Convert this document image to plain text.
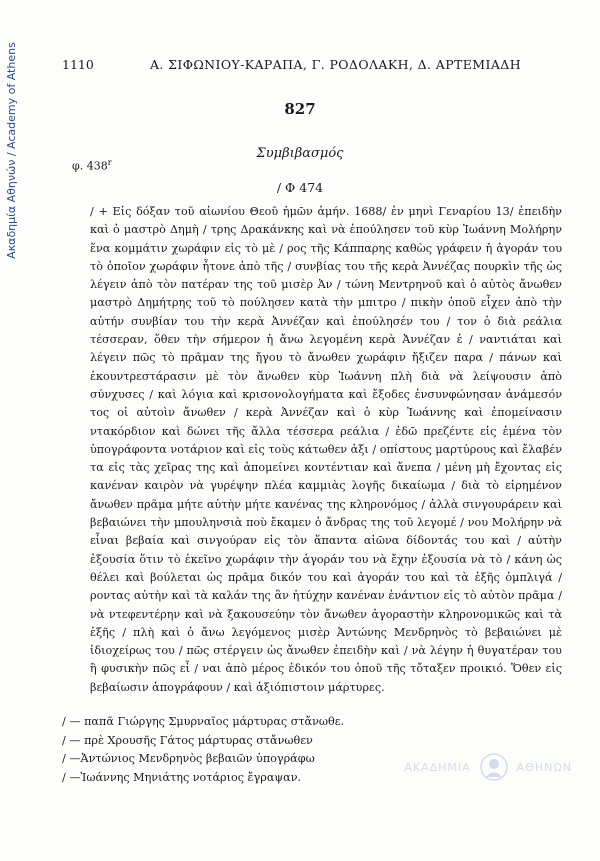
Ακαδημία Αθηνών / Academy of Athens	1110	Α. ΣΙΦΩΝΙΟΥ-ΚΑΡΑΠΑ, Γ. ΡΟΔΟΛΑΚΗ, Δ. ΑΡΤΕΜΙΑΔΗ
827
Συμβιβασμός
φ. 438$^r$
/ Φ 474

/ + Εἰς δόξαν τοῦ αἰωνίου Θεοῦ ἡμῶν ἀμήν. 1688/ ἐν μηνὶ Γεναρίου 13/ ἐπειδὴν καὶ ὁ μαστρὸ Δημὴ / τρης Δρακάνκης καὶ νὰ ἐπούλησεν τοῦ κὺρ Ἰωάννη Μολήρην ἕνα κομμάτιν χωράφιν εἰς τὸ μὲ / ρος τῆς Κάππαρης καθὼς γράφειν ἡ ἀγοράν του τὸ ὁποῖον χωράφιν ἦτονε ἀπὸ τῆς / συνβίας του τῆς κερὰ Ἀννέζας πουρκὶν τῆς ὡς λέγειν ἀπὸ τὸν πατέραν της τοῦ μισὲρ Ἀν / τώνη Μεντρηνοῦ καὶ ὁ αὐτὸς ἄνωθεν μαστρὸ Δημήτρης τοῦ τὸ πούλησεν κατὰ τὴν μπιτρο / πικὴν ὁποῦ εἶχεν ἀπὸ τὴν αὐτήν συνβίαν του τὴν κερὰ Ἀννέζαν καὶ ἐπούλησέν του / τον ὁ διὰ ρεάλια τέσσεραν, ὅθεν τὴν σήμερον ἡ ἄνω λεγομένη κερὰ Ἀννέζαν ἐ / ναντιάται καὶ λέγειν πῶς τὸ πρᾶμαν της ἤγου τὸ ἄνωθεν χωράφιν ἤξιζεν παρα / πάνων καὶ ἐκουντρεστάρασιν μὲ τὸν ἄνωθεν κὺρ Ἰωάννη πλὴ διὰ νὰ λείψουσιν ἀπὸ σύνχυσες / καὶ λόγια καὶ κρισονολογήματα καὶ ἔξοδες ἐνσυνφώνησαν ἀνάμεσόν τος οἱ αὐτοὶν ἄνωθεν / κερὰ Ἀννέζαν καὶ ὁ κὺρ Ἰωάννης καὶ ἐπομείνασιν ντακόρδιον καὶ δώνει τῆς ἄλλα τέσσερα ρεάλια / ἐδῶ πρεζέντε εἰς ἐμένα τὸν ὑπογράφοντα νοτάριον καὶ εἰς τοὺς κάτωθεν ἀξι / οπίστους μαρτύρους καὶ ἔλαβέν τα εἰς τὰς χεῖρας της καὶ ἀπομείνει κοντέντιαν καὶ ἄνεπα / μένη μὴ ἔχοντας εἰς κανέναν καιρὸν νὰ γυρέψην πλέα καμμιὰς λογῆς δικαίωμα / διὰ τὸ εἰρημένον ἄνωθεν πρᾶμα μήτε αὐτὴν μήτε κανένας της κληρονόμος / ἀλλὰ σινγουράρειν καὶ βεβαιώνει τὴν μπουληνσιὰ ποὺ ἔκαμεν ὁ ἄνδρας της τοῦ λεγομέ / νου Μολήρην νὰ εἶναι βεβαία καὶ σινγούραν εἰς τὸν ἅπαντα αἰῶνα δίδοντάς του καὶ / αὐτὴν ἐξουσία ὅτιν τὸ ἐκεῖνο χωράφιν τὴν ἀγοράν του νὰ ἔχην ἐξουσία νὰ τὸ / κάνη ὡς θέλει καὶ βούλεται ὡς πρᾶμα δικόν του καὶ ἀγοράν του καὶ τὰ ἑξῆς ὁμπλιγά / ροντας αὐτὴν καὶ τὰ καλάν της ἂν ἠτύχην κανέναν ἐνάντιον εἰς τὸ αὐτὸν πρᾶμα / νὰ ντεφεντέρην καὶ νὰ ξακουσεύην τὸν ἄνωθεν ἀγοραστὴν κληρονομικῶς καὶ τὰ ἑξῆς / πλὴ καὶ ὁ ἄνω λεγόμενος μισὲρ Ἀντώνης Μενδρηνὸς τὸ βεβαιώνει μὲ ἰδιοχείρως του / πῶς στέργειν ὡς ἄνωθεν ἐπειδὴν καὶ / νὰ λέγην ἡ θυγατέραν του ἢ φυσικὴν πῶς εἶ / ναι ἀπὸ μέρος ἐδικόν του ὁποῦ τῆς τὄταξεν προικιό. Ὅθεν εἰς βεβαίωσιν ἀπογράφουν / καὶ ἀξιόπιστοιν μάρτυρες.

/ — παπᾶ Γιώργης Σμυρναῖος μάρτυρας στἄνωθε.
/ — πρὲ Χρουσῆς Γάτος μάρτυρας στἄνωθεν
/ —Ἀντώνιος Μενδρηνὸς βεβαιῶν ὑπογράφω
/ —Ἰωάννης Μηνιάτης νοτάριος ἔγραψαν.
ΑΚΑΔΗΜΙΑ	ΑΘΗΝΩΝ
